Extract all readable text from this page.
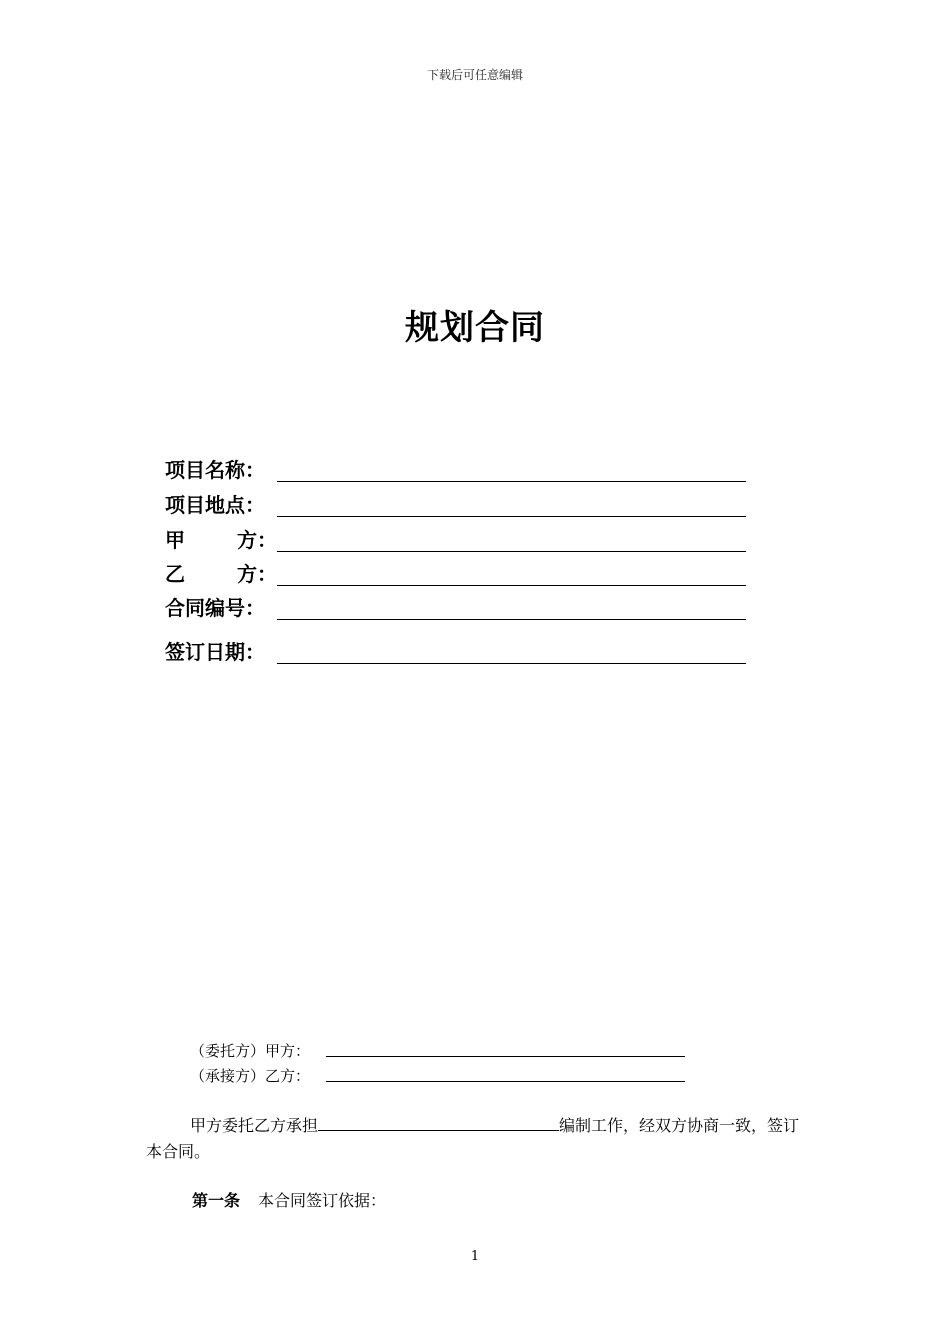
下载后可任意编辑
规划合同
项目名称：
项目地点：
甲	方：
乙	方：
合同编号：
签订日期：
（委托方）甲方：
（承接方）乙方：
甲方委托乙方承担	编制工作，经双方协商一致，签订本合同。
第一条 本合同签订依据：
1
